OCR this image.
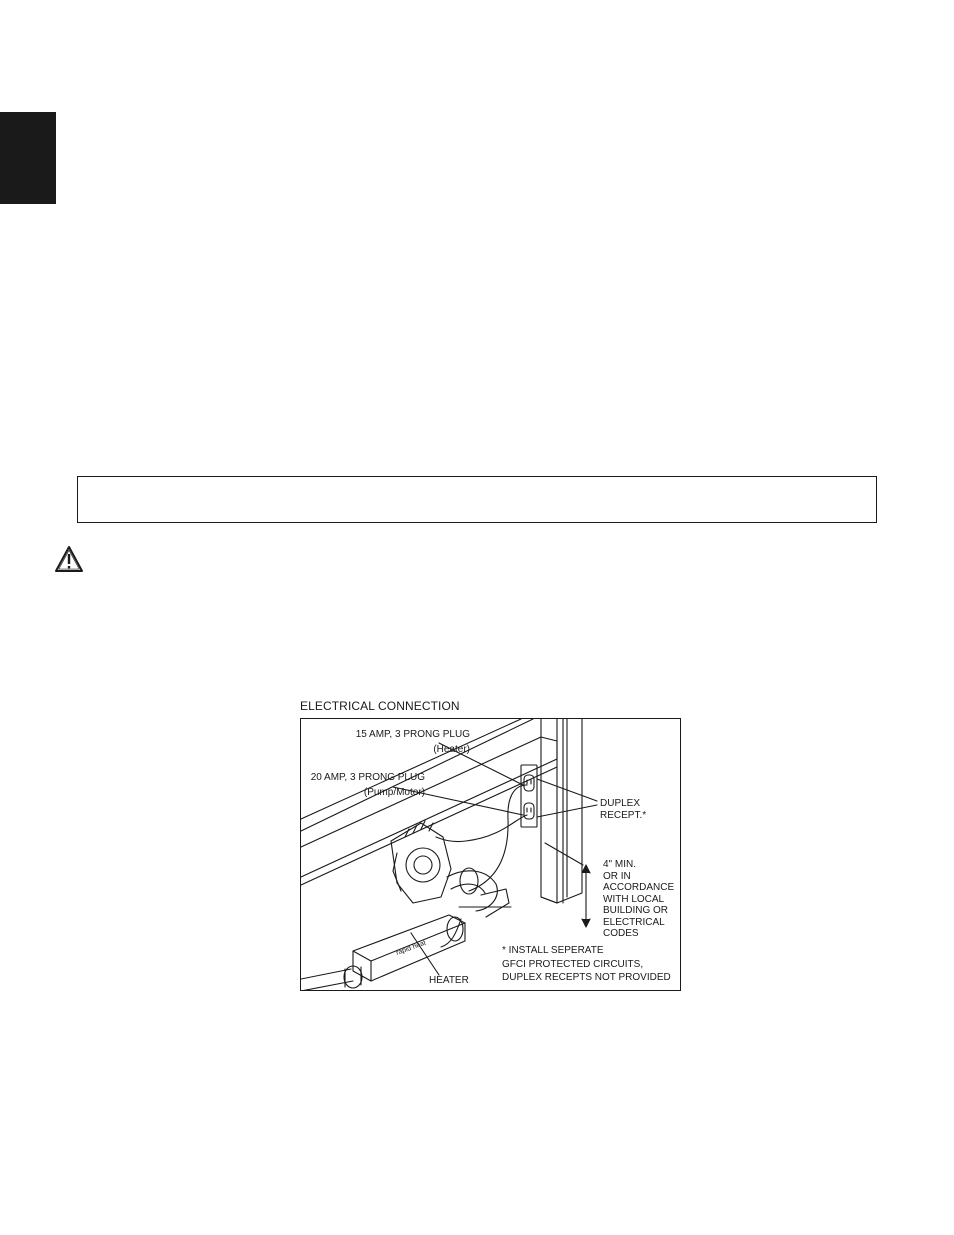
ELECTRICAL CONNECTION
rapid heat
15 AMP, 3 PRONG PLUG
(Heater)
20 AMP, 3 PRONG PLUG
(Pump/Motor)
DUPLEX
RECEPT.*
4" MIN.
OR IN
ACCORDANCE
WITH LOCAL
BUILDING OR
ELECTRICAL
CODES
* INSTALL SEPERATE
GFCI PROTECTED CIRCUITS,
DUPLEX RECEPTS NOT PROVIDED
HEATER
